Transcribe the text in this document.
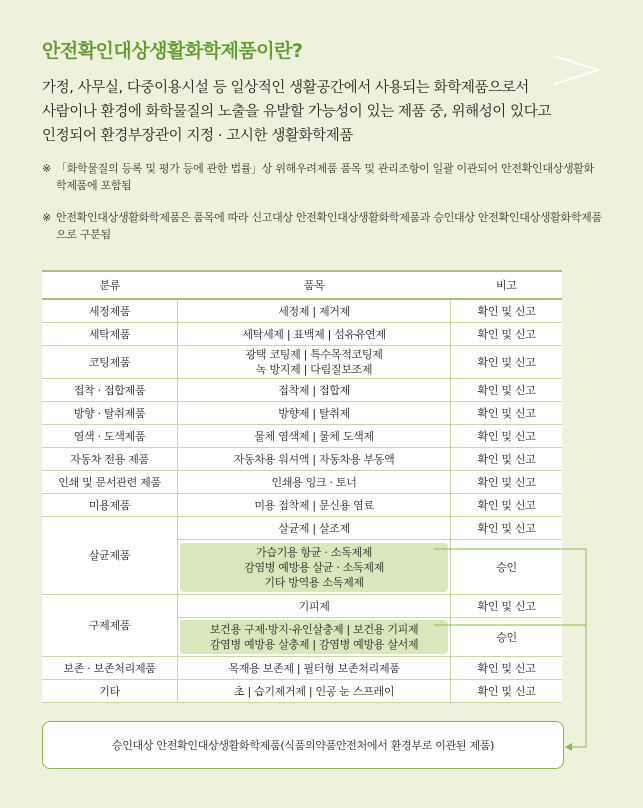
안전확인대상생활화학제품이란?
가정, 사무실, 다중이용시설 등 일상적인 생활공간에서 사용되는 화학제품으로서
사람이나 환경에 화학물질의 노출을 유발할 가능성이 있는 제품 중, 위해성이 있다고
인정되어 환경부장관이 지정 · 고시한 생활화학제품
※ 「화학물질의 등록 및 평가 등에 관한 법률」상 위해우려제품 품목 및 관리조항이 일괄 이관되어 안전확인대상생활화학제품에 포함됨
※ 안전확인대상생활화학제품은 품목에 따라 신고대상 안전확인대상생활화학제품과 승인대상 안전확인대상생활화학제품으로 구분됨
분류	품목	비고
세정제품	세정제 | 제거제	확인 및 신고
세탁제품	세탁세제 | 표백제 | 섬유유연제	확인 및 신고
코팅제품	광택 코팅제 | 특수목적코팅제
녹 방지제 | 다림질보조제	확인 및 신고
접착 · 접합제품	접착제 | 접합제	확인 및 신고
방향 · 탈취제품	방향제 | 탈취제	확인 및 신고
염색 · 도색제품	물체 염색제 | 물체 도색제	확인 및 신고
자동차 전용 제품	자동차용 워셔액 | 자동차용 부동액	확인 및 신고
인쇄 및 문서관련 제품	인쇄용 잉크 · 토너	확인 및 신고
미용제품	미용 접착제 | 문신용 염료	확인 및 신고
살균제품	살균제 | 살조제	확인 및 신고

	가습기용 항균 · 소독제제
감염병 예방용 살균 · 소독제제
기타 방역용 소독제제	승인
구제제품	기피제	확인 및 신고

	보건용 구제·방지·유인살충제 | 보건용 기피제
감염병 예방용 살충제 | 감염병 예방용 살서제	승인
보존 · 보존처리제품	목재용 보존제 | 필터형 보존처리제품	확인 및 신고
기타	초 | 습기제거제 | 인공 눈 스프레이	확인 및 신고
승인대상 안전확인대상생활화학제품(식품의약품안전처에서 환경부로 이관된 제품)
